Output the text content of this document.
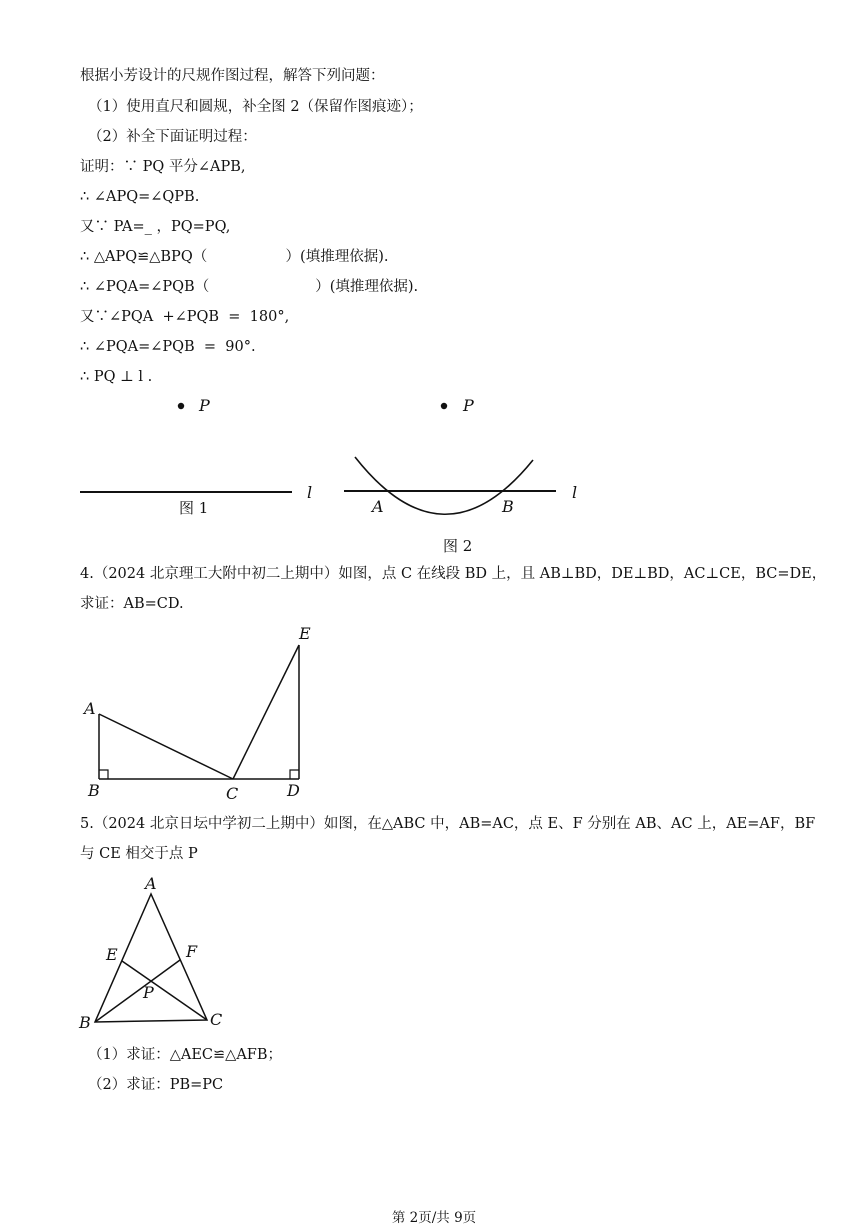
根据小芳设计的尺规作图过程，解答下列问题：
（1）使用直尺和圆规，补全图 2（保留作图痕迹）；
（2）补全下面证明过程：
证明：∵ PQ 平分∠APB,
∴ ∠APQ=∠QPB.
又∵ PA=_ ，PQ=PQ,
∴ △APQ≌△BPQ（                 ）(填推理依据).
∴ ∠PQA=∠PQB（                       ）(填推理依据).
又∵∠PQA  +∠PQB  =  180°,
∴ ∠PQA=∠PQB  =  90°.
∴ PQ ⊥ l .
4.（2024 北京理工大附中初二上期中）如图，点 C 在线段 BD 上，且 AB⊥BD，DE⊥BD，AC⊥CE，BC=DE，
求证：AB=CD.
5.（2024 北京日坛中学初二上期中）如图，在△ABC 中，AB=AC，点 E、F 分别在 AB、AC 上，AE=AF，BF
与 CE 相交于点 P
（1）求证：△AEC≌△AFB；
（2）求证：PB=PC
P
l
图 1
P
l
A	B
图 2
A
B	C	D
E
A
B	C
E	F
P
第 2页/共 9页
